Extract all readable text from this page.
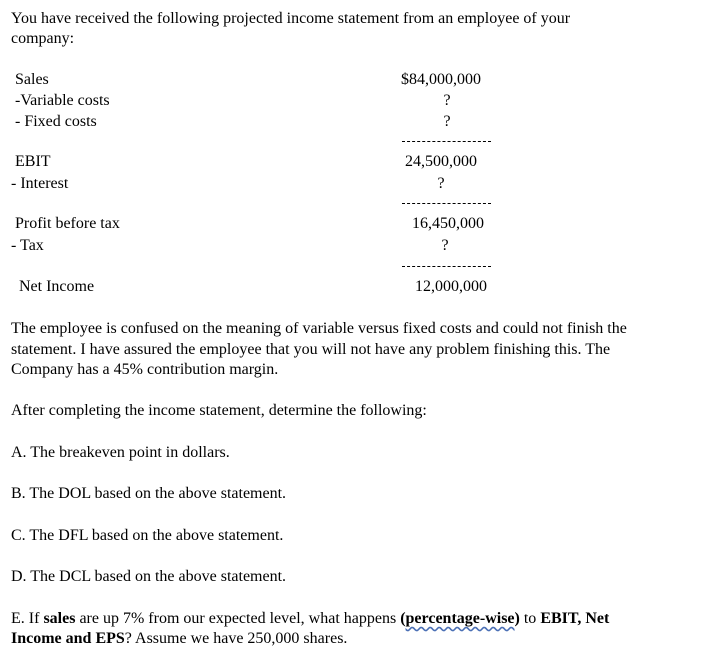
You have received the following projected income statement from an employee of your
company:
Sales	$84,000,000
-Variable costs	?
- Fixed costs	?
EBIT	24,500,000
- Interest	?
Profit before tax	16,450,000
- Tax	?
Net Income	12,000,000
The employee is confused on the meaning of variable versus fixed costs and could not finish the
statement. I have assured the employee that you will not have any problem finishing this. The
Company has a 45% contribution margin.
After completing the income statement, determine the following:
A. The breakeven point in dollars.
B. The DOL based on the above statement.
C. The DFL based on the above statement.
D. The DCL based on the above statement.
E. If sales are up 7% from our expected level, what happens (percentage-wise) to EBIT, Net
Income and EPS? Assume we have 250,000 shares.
